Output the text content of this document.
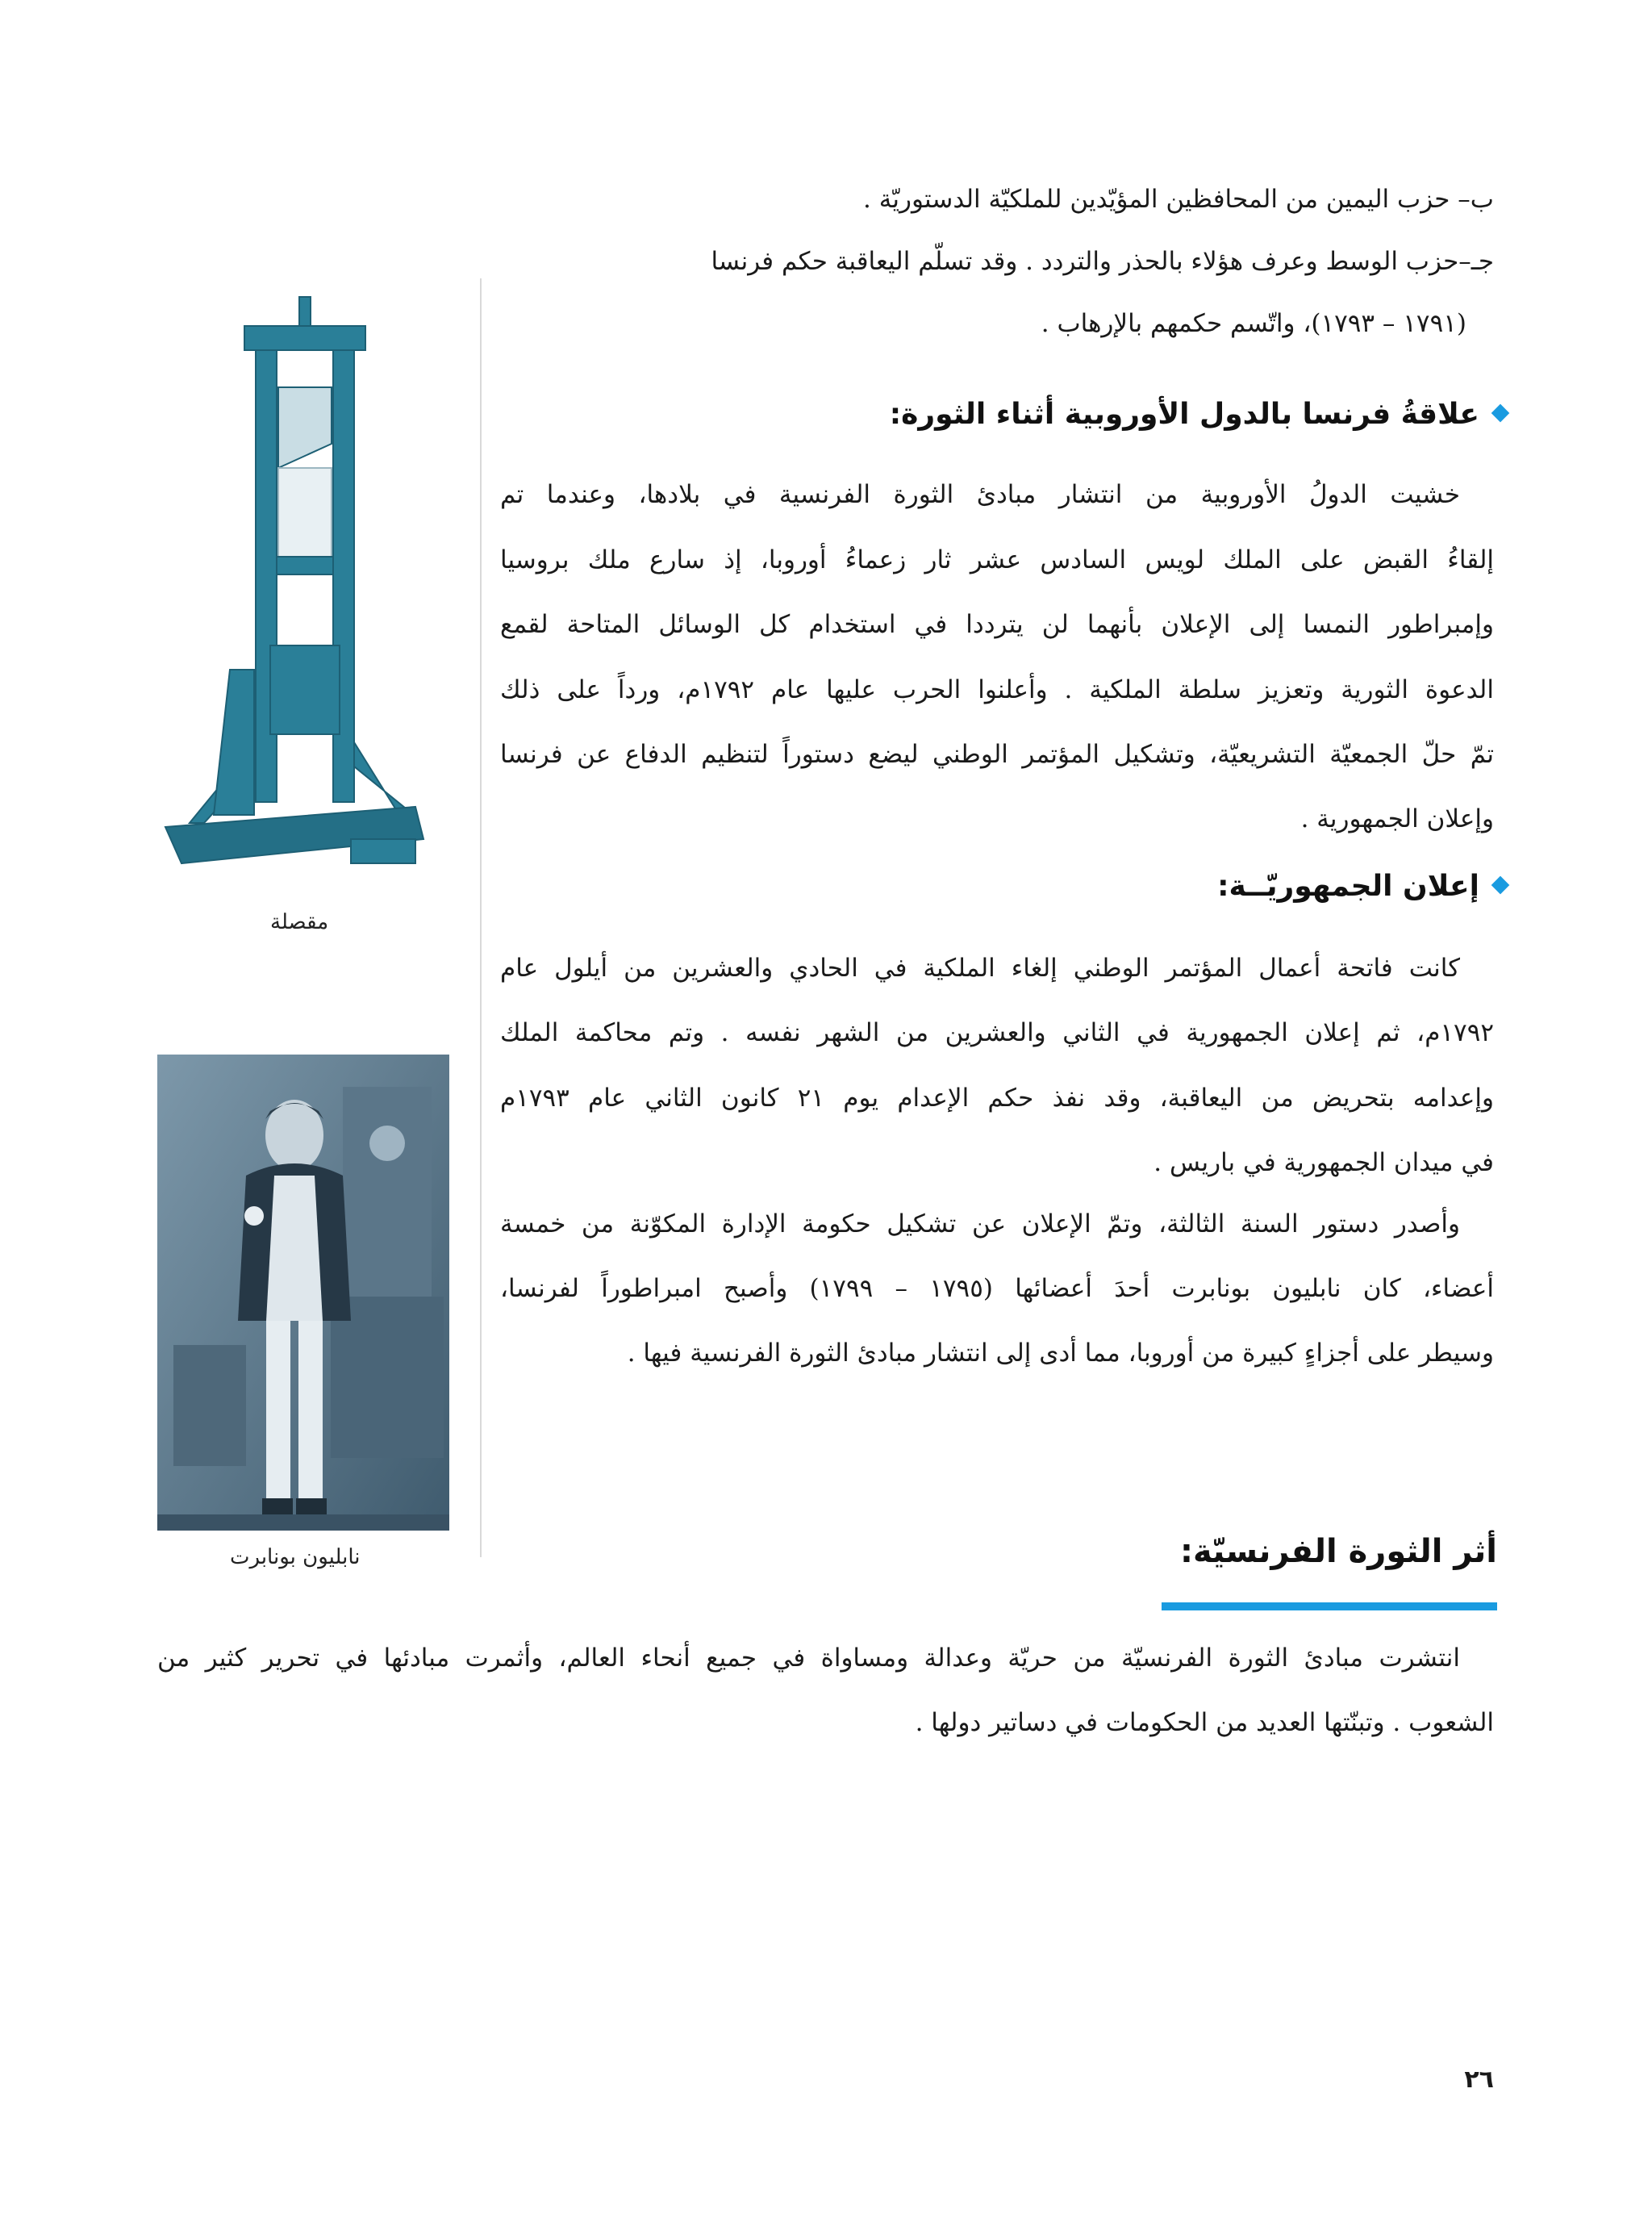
ب– حزب اليمين من المحافظين المؤيّدين للملكيّة الدستوريّة .
جـ–حزب الوسط وعرف هؤلاء بالحذر والتردد . وقد تسلّم اليعاقبة حكم فرنسا
(١٧٩١ – ١٧٩٣)، واتّسم حكمهم بالإرهاب .
علاقةُ فرنسا بالدول الأوروبية أثناء الثورة:
خشيت الدولُ الأوروبية من انتشار مبادئ الثورة الفرنسية في بلادها، وعندما تم
إلقاءُ القبض على الملك لويس السادس عشر ثار زعماءُ أوروبا، إذ سارع ملك بروسيا
وإمبراطور النمسا إلى الإعلان بأنهما لن يترددا في استخدام كل الوسائل المتاحة لقمع
الدعوة الثورية وتعزيز سلطة الملكية . وأعلنوا الحرب عليها عام ١٧٩٢م، ورداً على ذلك
تمّ حلّ الجمعيّة التشريعيّة، وتشكيل المؤتمر الوطني ليضع دستوراً لتنظيم الدفاع عن فرنسا
وإعلان الجمهورية .
إعلان الجمهوريّــة:
كانت فاتحة أعمال المؤتمر الوطني إلغاء الملكية في الحادي والعشرين من أيلول عام
١٧٩٢م، ثم إعلان الجمهورية في الثاني والعشرين من الشهر نفسه . وتم محاكمة الملك
وإعدامه بتحريض من اليعاقبة، وقد نفذ حكم الإعدام يوم ٢١ كانون الثاني عام ١٧٩٣م
في ميدان الجمهورية في باريس .
وأصدر دستور السنة الثالثة، وتمّ الإعلان عن تشكيل حكومة الإدارة المكوّنة من خمسة
أعضاء، كان نابليون بونابرت أحدَ أعضائها (١٧٩٥ – ١٧٩٩) وأصبح امبراطوراً لفرنسا،
وسيطر على أجزاءٍ كبيرة من أوروبا، مما أدى إلى انتشار مبادئ الثورة الفرنسية فيها .
مقصلة
نابليون بونابرت	أثر الثورة الفرنسيّة:
انتشرت مبادئ الثورة الفرنسيّة من حريّة وعدالة ومساواة في جميع أنحاء العالم، وأثمرت مبادئها في تحرير كثير من
الشعوب . وتبنّتها العديد من الحكومات في دساتير دولها .
٢٦
